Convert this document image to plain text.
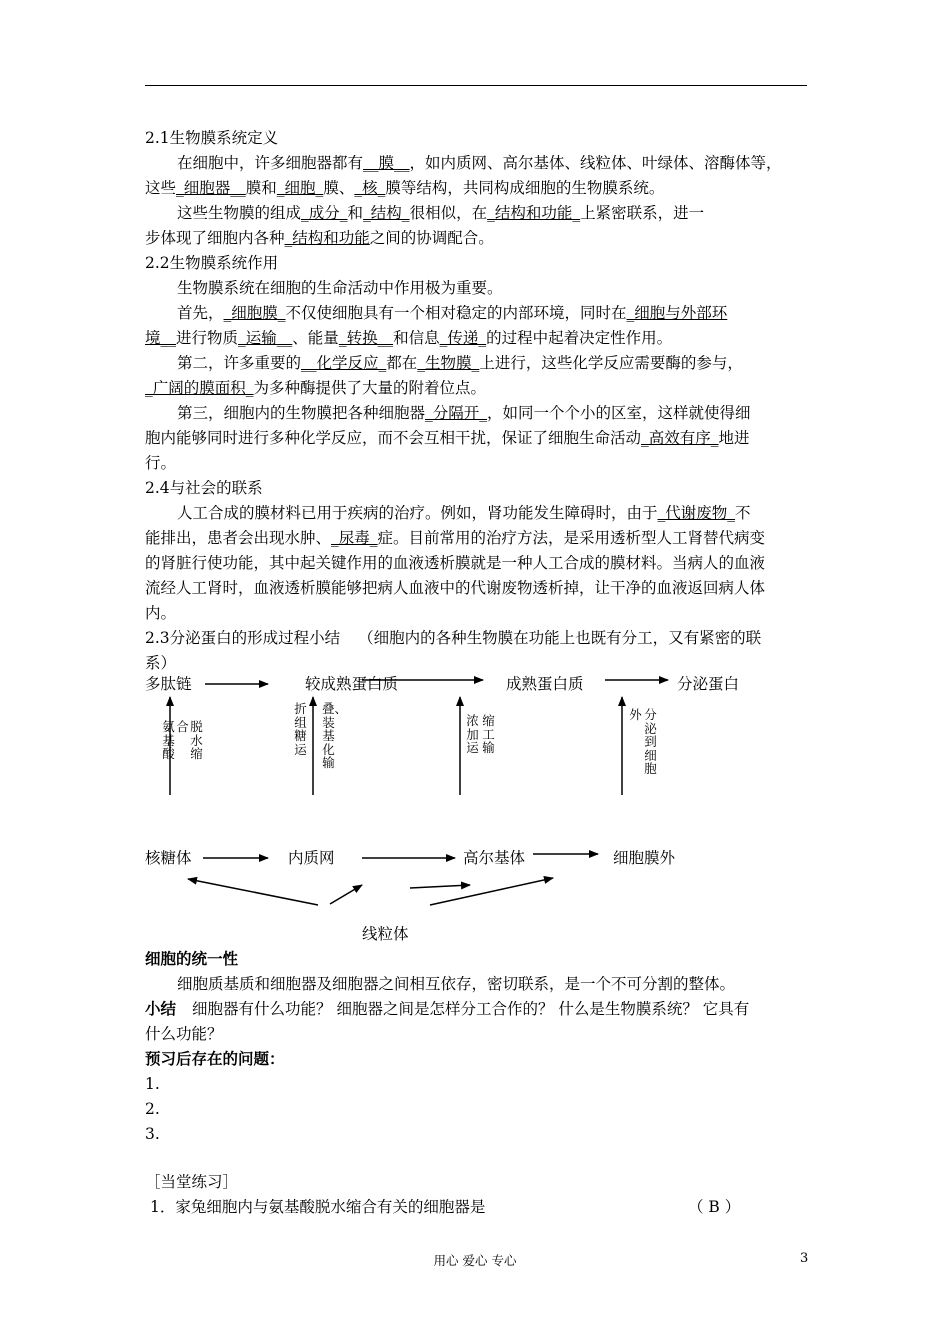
2.1生物膜系统定义
在细胞中，许多细胞器都有__膜__，如内质网、高尔基体、线粒体、叶绿体、溶酶体等，
这些_细胞器__膜和_细胞_膜、_核_膜等结构，共同构成细胞的生物膜系统。
这些生物膜的组成_成分_和_结构_很相似，在_结构和功能_上紧密联系，进一
步体现了细胞内各种_结构和功能之间的协调配合。
2.2生物膜系统作用
生物膜系统在细胞的生命活动中作用极为重要。
首先，_细胞膜_不仅使细胞具有一个相对稳定的内部环境，同时在_细胞与外部环
境__进行物质_运输__、能量_转换__和信息_传递_的过程中起着决定性作用。
第二，许多重要的__化学反应_都在_生物膜_上进行，这些化学反应需要酶的参与，
_广阔的膜面积_为多种酶提供了大量的附着位点。
第三，细胞内的生物膜把各种细胞器_分隔开_，如同一个个小的区室，这样就使得细
胞内能够同时进行多种化学反应，而不会互相干扰，保证了细胞生命活动_高效有序_地进
行。
2.4与社会的联系
人工合成的膜材料已用于疾病的治疗。例如，肾功能发生障碍时，由于_代谢废物_不
能排出，患者会出现水肿、_尿毒_症。目前常用的治疗方法，是采用透析型人工肾替代病变
的肾脏行使功能，其中起关键作用的血液透析膜就是一种人工合成的膜材料。当病人的血液
流经人工肾时，血液透析膜能够把病人血液中的代谢废物透析掉，让干净的血液返回病人体
内。
2.3分泌蛋白的形成过程小结 （细胞内的各种生物膜在功能上也既有分工，又有紧密的联
系）
多肽链	较成熟蛋白质	成熟蛋白质	分泌蛋白
核糖体	内质网	高尔基体	细胞膜外
线粒体
氨基酸
合 脱水缩
折组糖运
叠、装基化输
浓加运
缩工输
外 分泌到细胞
细胞的统一性
细胞质基质和细胞器及细胞器之间相互依存，密切联系，是一个不可分割的整体。
小结 细胞器有什么功能？ 细胞器之间是怎样分工合作的？ 什么是生物膜系统？ 它具有
什么功能？
预习后存在的问题：
1.
2.
3.
［当堂练习］
1．家兔细胞内与氨基酸脱水缩合有关的细胞器是	（ B ）
用心 爱心 专心	3
